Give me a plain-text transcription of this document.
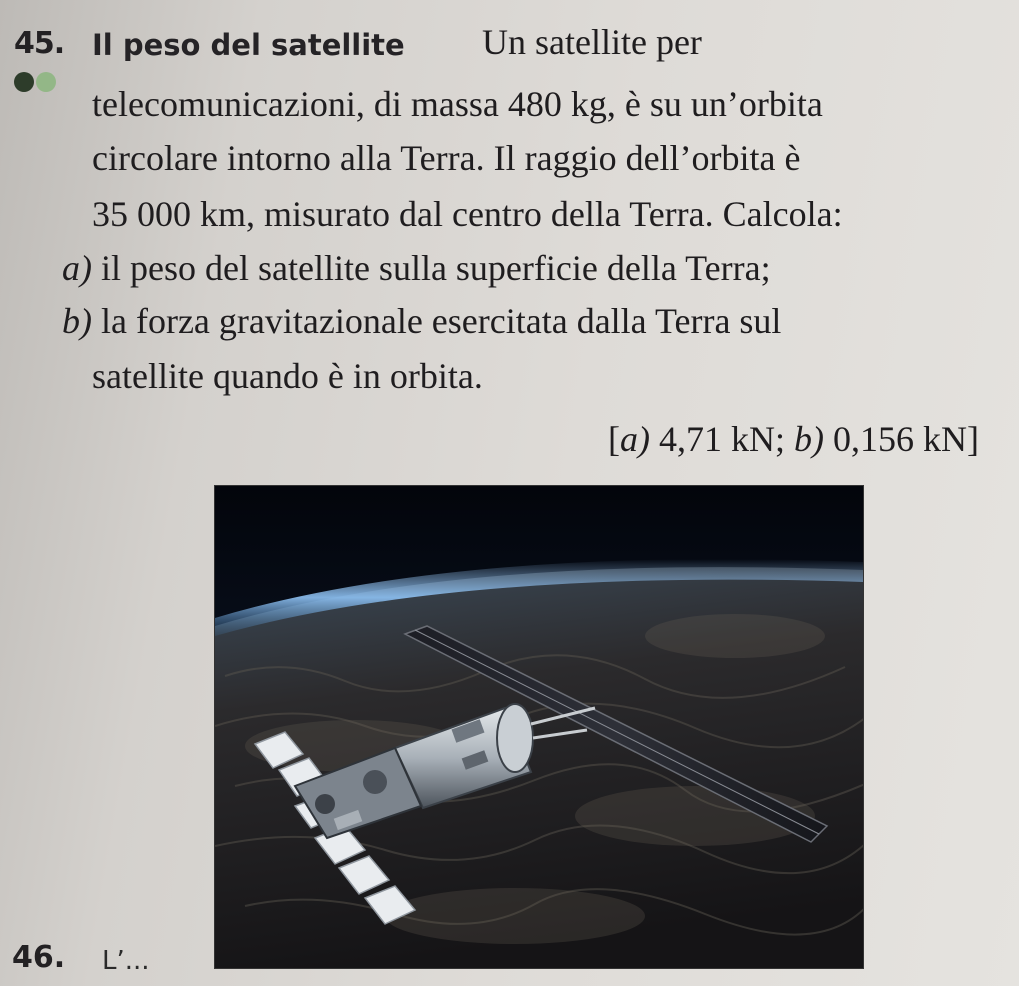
45. Il peso del satellite Un satellite per
telecomunicazioni, di massa 480 kg, è su un’orbita
circolare intorno alla Terra. Il raggio dell’orbita è
35 000 km, misurato dal centro della Terra. Calcola:
a) il peso del satellite sulla superficie della Terra;
b) la forza gravitazionale esercitata dalla Terra sul
satellite quando è in orbita.
[a) 4,71 kN; b) 0,156 kN]
46. L’...
